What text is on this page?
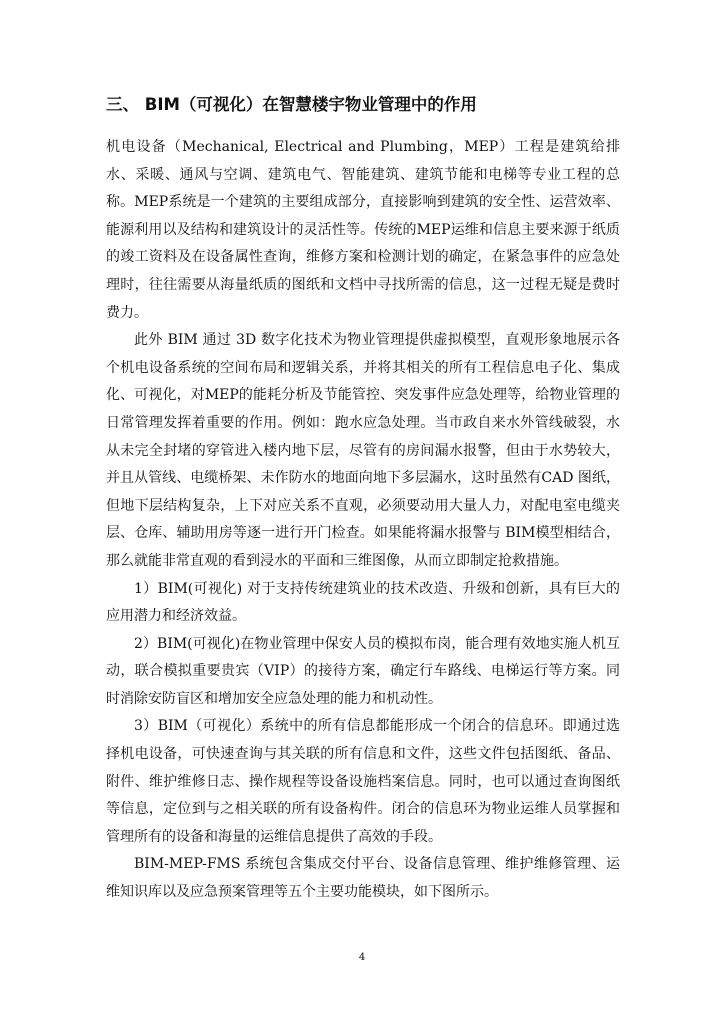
三、 BIM（可视化）在智慧楼宇物业管理中的作用

机电设备（Mechanical, Electrical and Plumbing，MEP）工程是建筑给排水、采暖、通风与空调、建筑电气、智能建筑、建筑节能和电梯等专业工程的总称。MEP系统是一个建筑的主要组成部分，直接影响到建筑的安全性、运营效率、能源利用以及结构和建筑设计的灵活性等。传统的MEP运维和信息主要来源于纸质的竣工资料及在设备属性查询，维修方案和检测计划的确定，在紧急事件的应急处理时，往往需要从海量纸质的图纸和文档中寻找所需的信息，这一过程无疑是费时费力。

此外 BIM 通过 3D 数字化技术为物业管理提供虚拟模型，直观形象地展示各个机电设备系统的空间布局和逻辑关系，并将其相关的所有工程信息电子化、集成化、可视化，对MEP的能耗分析及节能管控、突发事件应急处理等，给物业管理的日常管理发挥着重要的作用。例如：跑水应急处理。当市政自来水外管线破裂，水从未完全封堵的穿管进入楼内地下层，尽管有的房间漏水报警，但由于水势较大，并且从管线、电缆桥架、未作防水的地面向地下多层漏水，这时虽然有CAD 图纸，但地下层结构复杂，上下对应关系不直观，必须要动用大量人力，对配电室电缆夹层、仓库、辅助用房等逐一进行开门检查。如果能将漏水报警与 BIM模型相结合，那么就能非常直观的看到浸水的平面和三维图像，从而立即制定抢救措施。

1）BIM(可视化) 对于支持传统建筑业的技术改造、升级和创新，具有巨大的应用潜力和经济效益。

2）BIM(可视化)在物业管理中保安人员的模拟布岗，能合理有效地实施人机互动，联合模拟重要贵宾（VIP）的接待方案，确定行车路线、电梯运行等方案。同时消除安防盲区和增加安全应急处理的能力和机动性。

3）BIM（可视化）系统中的所有信息都能形成一个闭合的信息环。即通过选择机电设备，可快速查询与其关联的所有信息和文件，这些文件包括图纸、备品、附件、维护维修日志、操作规程等设备设施档案信息。同时，也可以通过查询图纸等信息，定位到与之相关联的所有设备构件。闭合的信息环为物业运维人员掌握和管理所有的设备和海量的运维信息提供了高效的手段。

BIM-MEP-FMS 系统包含集成交付平台、设备信息管理、维护维修管理、运维知识库以及应急预案管理等五个主要功能模块，如下图所示。

4
